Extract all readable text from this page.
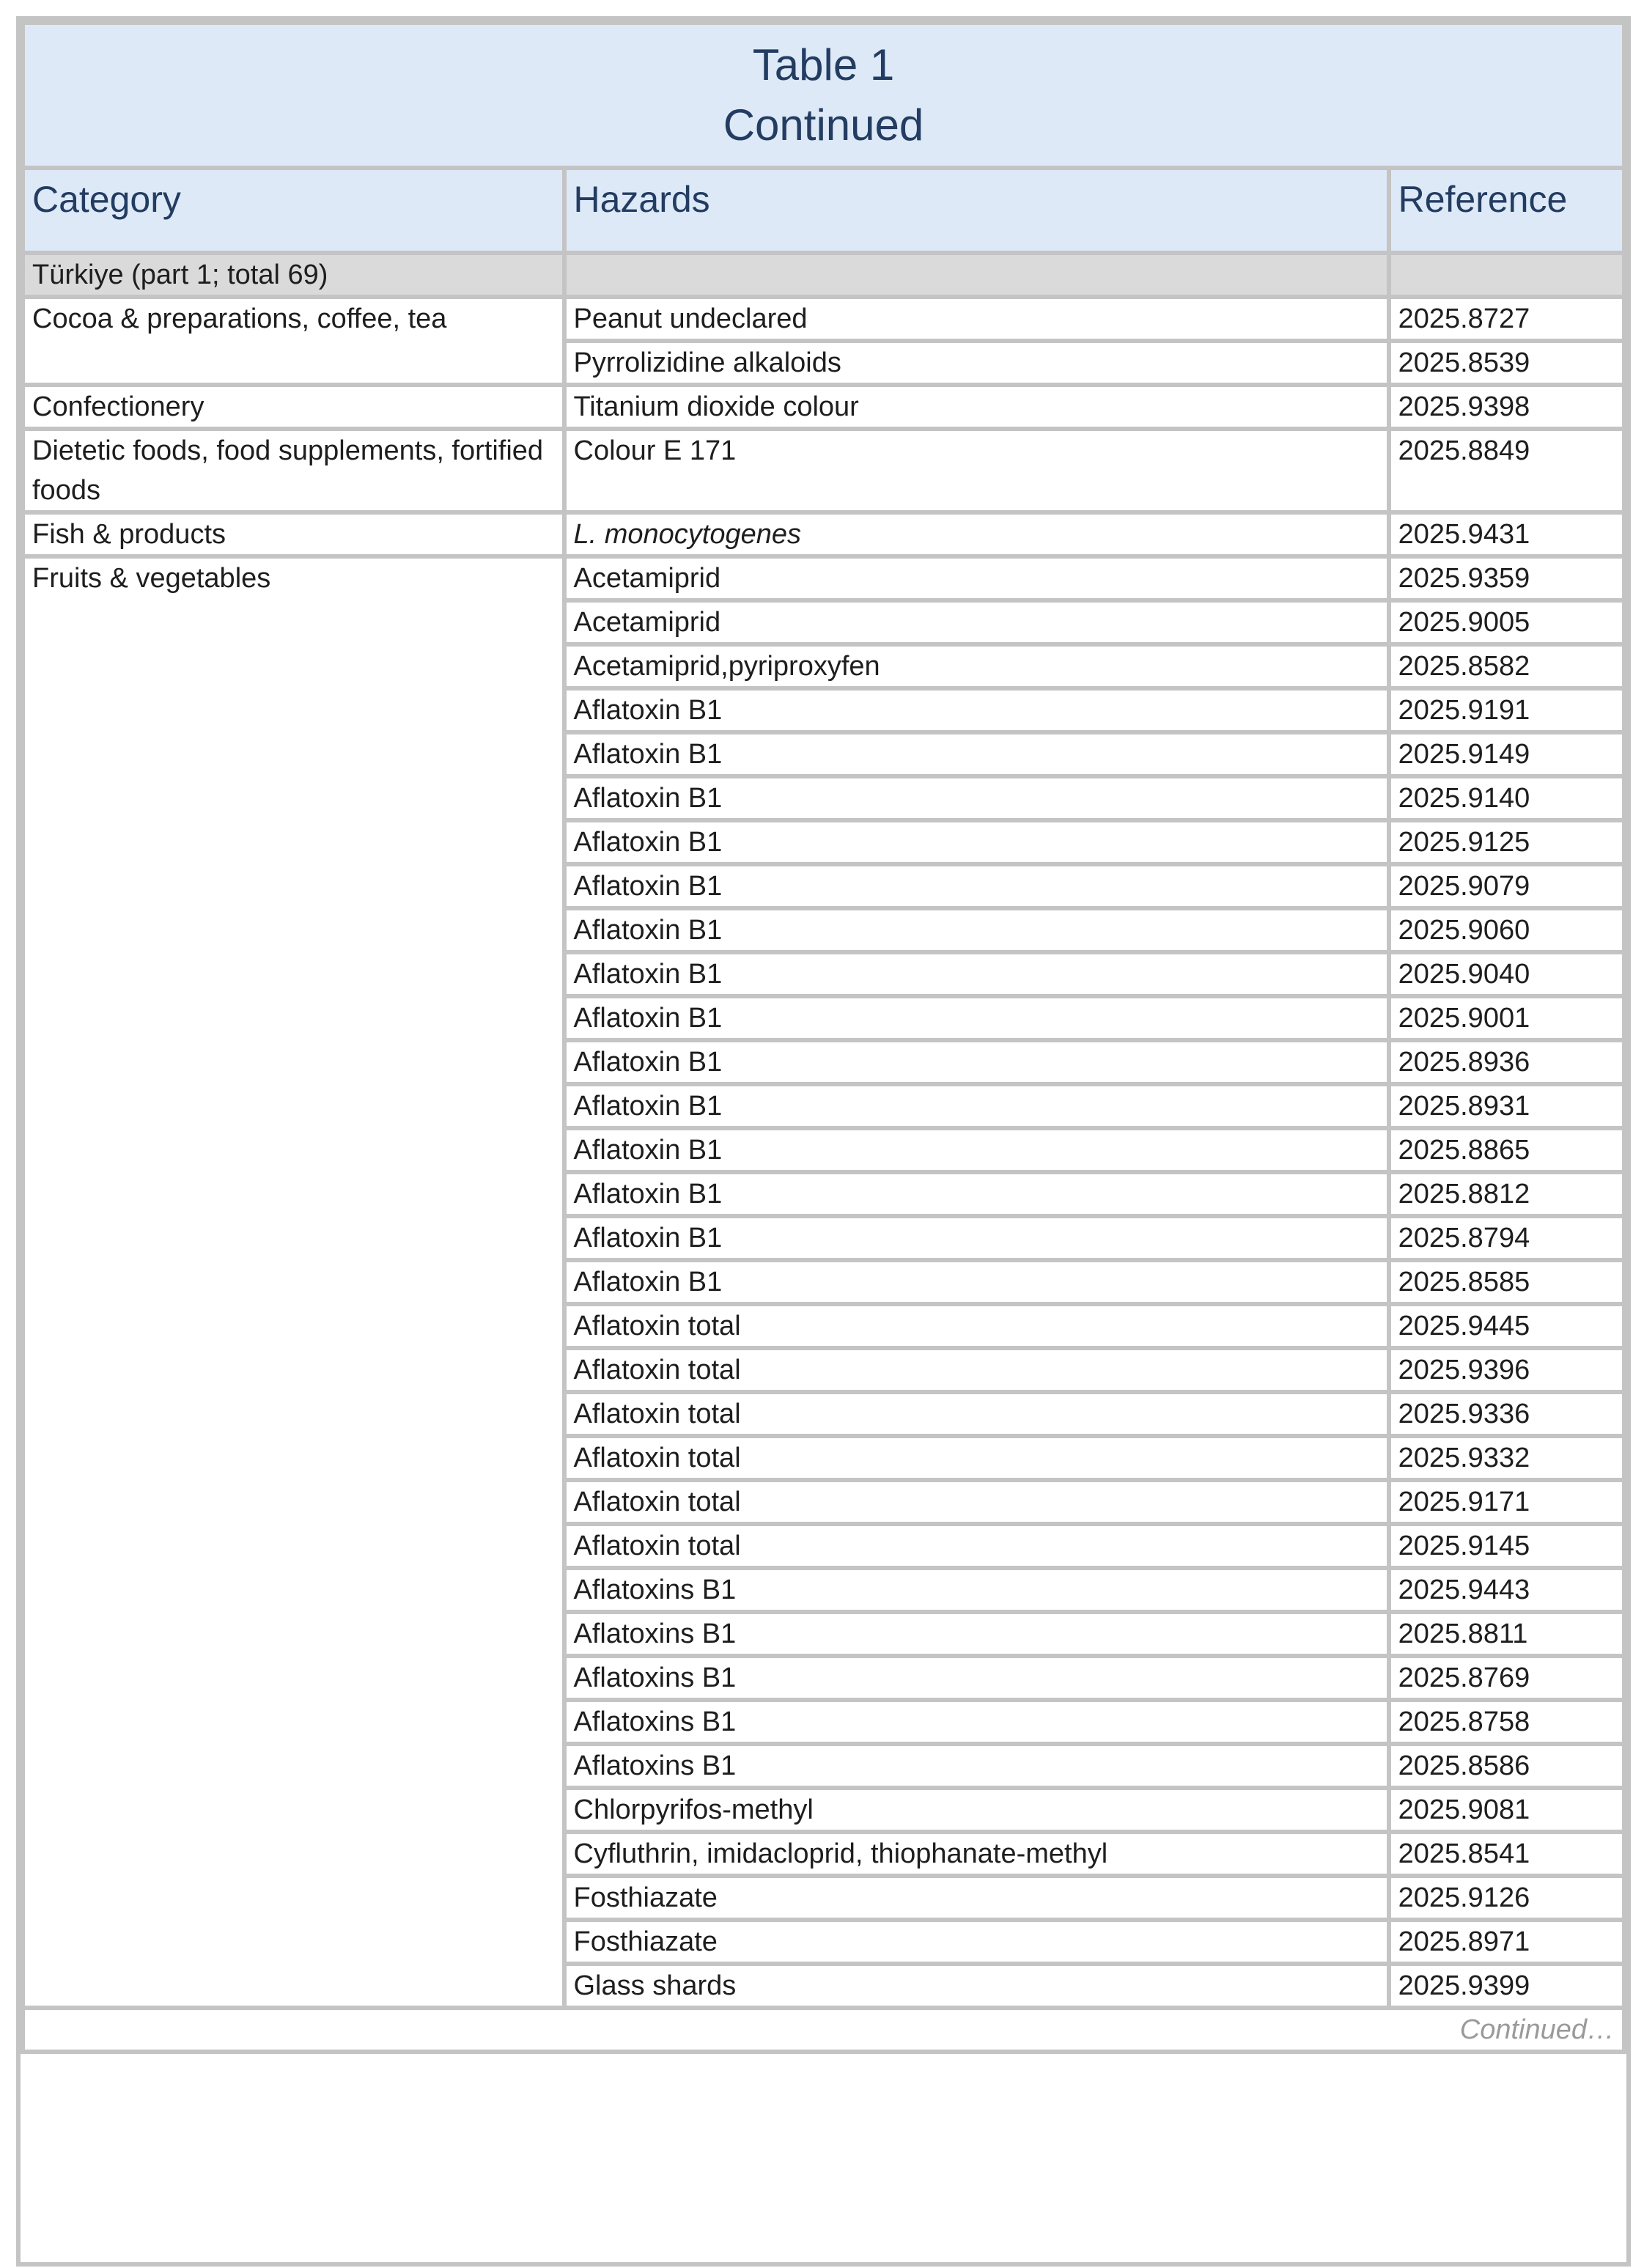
Table 1
Continued		

Category	Hazards	Reference
Türkiye (part 1; total 69)		
Cocoa & preparations, coffee, tea	Peanut undeclared	2025.8727
	Pyrrolizidine alkaloids	2025.8539
Confectionery	Titanium dioxide colour	2025.9398
Dietetic foods, food supplements, fortified foods	Colour E 171	2025.8849
Fish & products	L. monocytogenes	2025.9431
Fruits & vegetables	Acetamiprid	2025.9359
	Acetamiprid	2025.9005
	Acetamiprid,pyriproxyfen	2025.8582
	Aflatoxin B1	2025.9191
	Aflatoxin B1	2025.9149
	Aflatoxin B1	2025.9140
	Aflatoxin B1	2025.9125
	Aflatoxin B1	2025.9079
	Aflatoxin B1	2025.9060
	Aflatoxin B1	2025.9040
	Aflatoxin B1	2025.9001
	Aflatoxin B1	2025.8936
	Aflatoxin B1	2025.8931
	Aflatoxin B1	2025.8865
	Aflatoxin B1	2025.8812
	Aflatoxin B1	2025.8794
	Aflatoxin B1	2025.8585
	Aflatoxin total	2025.9445
	Aflatoxin total	2025.9396
	Aflatoxin total	2025.9336
	Aflatoxin total	2025.9332
	Aflatoxin total	2025.9171
	Aflatoxin total	2025.9145
	Aflatoxins B1	2025.9443
	Aflatoxins B1	2025.8811
	Aflatoxins B1	2025.8769
	Aflatoxins B1	2025.8758
	Aflatoxins B1	2025.8586
	Chlorpyrifos-methyl	2025.9081
	Cyfluthrin, imidacloprid, thiophanate-methyl	2025.8541
	Fosthiazate	2025.9126
	Fosthiazate	2025.8971
	Glass shards	2025.9399
Continued…		
